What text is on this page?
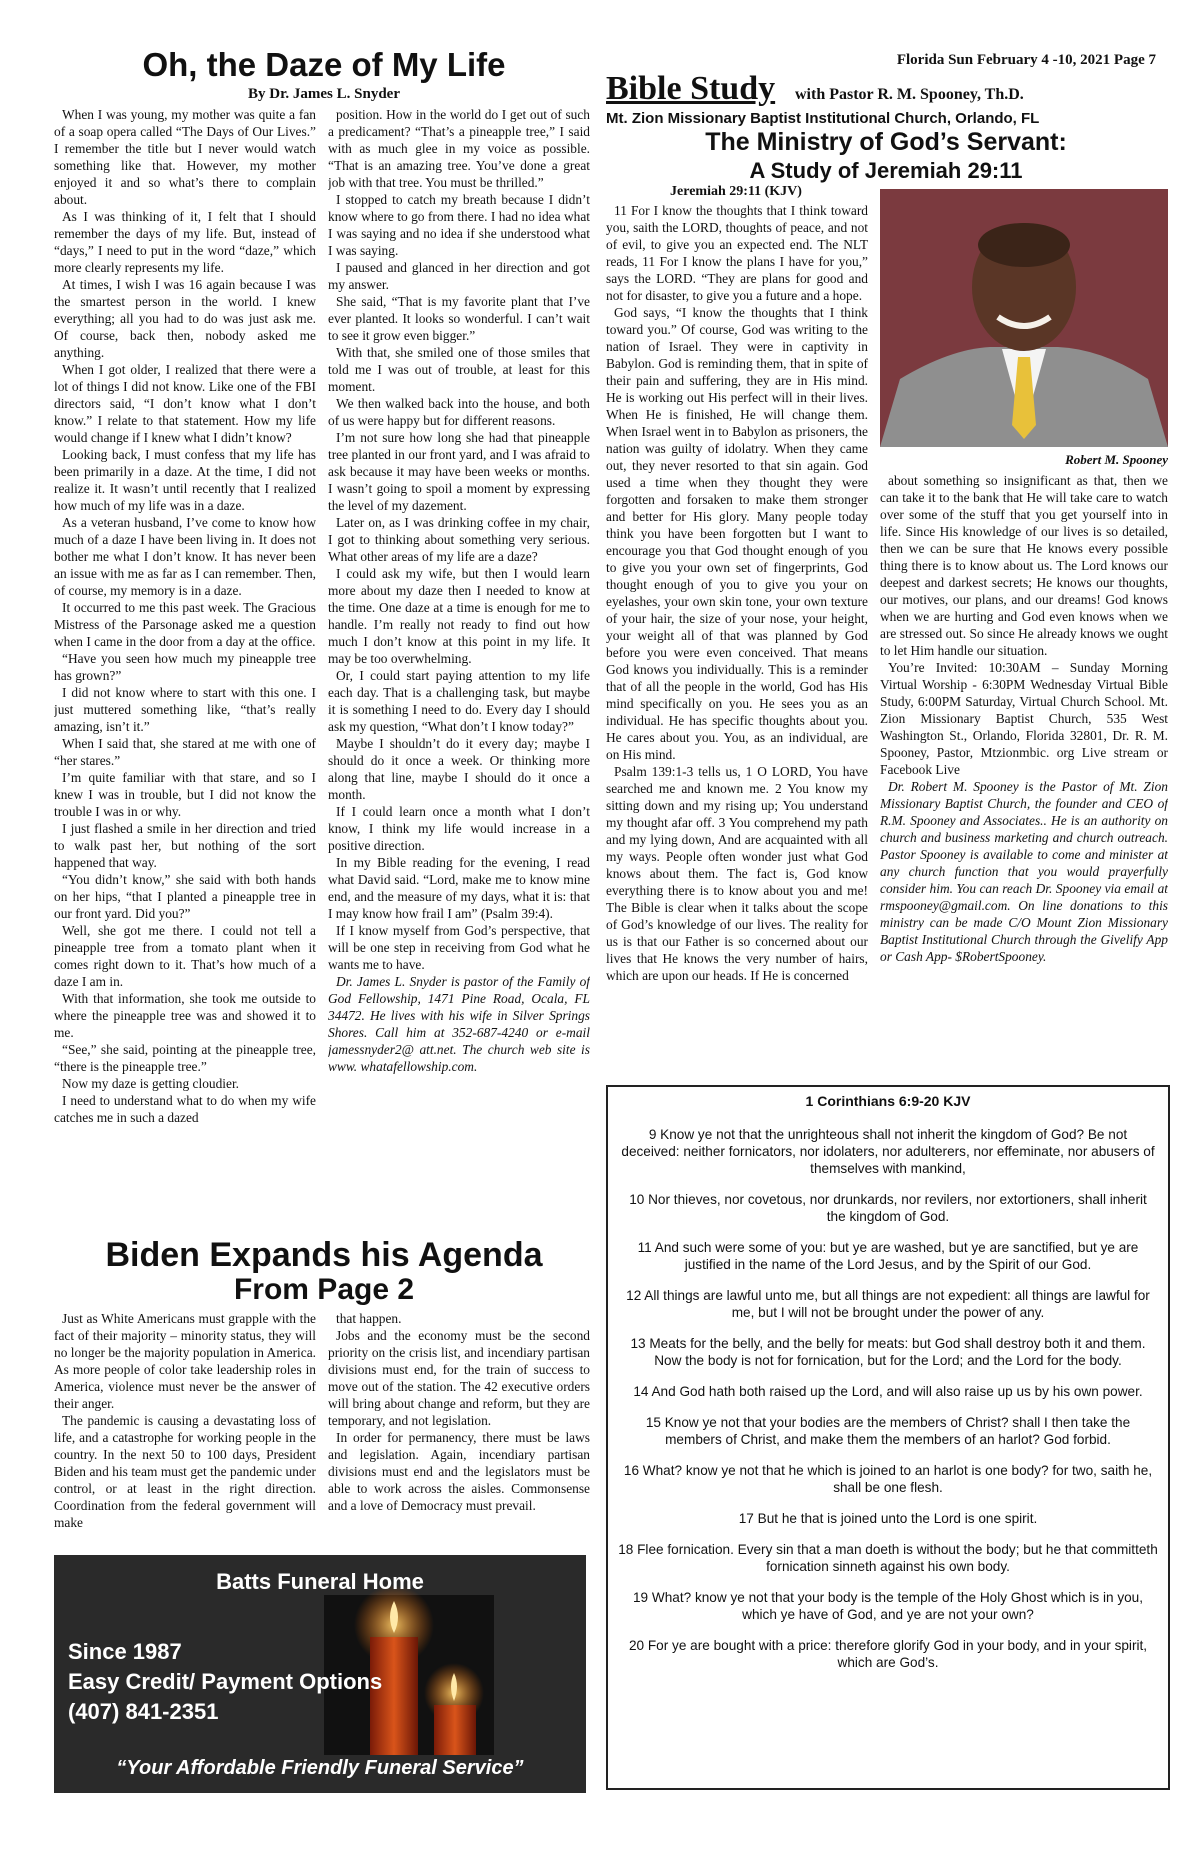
Oh, the Daze of My Life
By Dr. James L. Snyder

When I was young, my mother was quite a fan of a soap opera called “The Days of Our Lives.” I remember the title but I never would watch something like that. However, my mother enjoyed it and so what’s there to complain about.

As I was thinking of it, I felt that I should remember the days of my life. But, instead of “days,” I need to put in the word “daze,” which more clearly represents my life.

At times, I wish I was 16 again because I was the smartest person in the world. I knew everything; all you had to do was just ask me. Of course, back then, nobody asked me anything.

When I got older, I realized that there were a lot of things I did not know. Like one of the FBI directors said, “I don’t know what I don’t know.” I relate to that statement. How my life would change if I knew what I didn’t know?

Looking back, I must confess that my life has been primarily in a daze. At the time, I did not realize it. It wasn’t until recently that I realized how much of my life was in a daze.

As a veteran husband, I’ve come to know how much of a daze I have been living in. It does not bother me what I don’t know. It has never been an issue with me as far as I can remember. Then, of course, my memory is in a daze.

It occurred to me this past week. The Gracious Mistress of the Parsonage asked me a question when I came in the door from a day at the office.

“Have you seen how much my pineapple tree has grown?”

I did not know where to start with this one. I just muttered something like, “that’s really amazing, isn’t it.”

When I said that, she stared at me with one of “her stares.”

I’m quite familiar with that stare, and so I knew I was in trouble, but I did not know the trouble I was in or why.

I just flashed a smile in her direction and tried to walk past her, but nothing of the sort happened that way.

“You didn’t know,” she said with both hands on her hips, “that I planted a pineapple tree in our front yard. Did you?”

Well, she got me there. I could not tell a pineapple tree from a tomato plant when it comes right down to it. That’s how much of a daze I am in.

With that information, she took me outside to where the pineapple tree was and showed it to me.

“See,” she said, pointing at the pineapple tree, “there is the pineapple tree.”

Now my daze is getting cloudier.

I need to understand what to do when my wife catches me in such a dazed

position. How in the world do I get out of such a predicament? “That’s a pineapple tree,” I said with as much glee in my voice as possible. “That is an amazing tree. You’ve done a great job with that tree. You must be thrilled.”

I stopped to catch my breath because I didn’t know where to go from there. I had no idea what I was saying and no idea if she understood what I was saying.

I paused and glanced in her direction and got my answer.

She said, “That is my favorite plant that I’ve ever planted. It looks so wonderful. I can’t wait to see it grow even bigger.”

With that, she smiled one of those smiles that told me I was out of trouble, at least for this moment.

We then walked back into the house, and both of us were happy but for different reasons.

I’m not sure how long she had that pineapple tree planted in our front yard, and I was afraid to ask because it may have been weeks or months. I wasn’t going to spoil a moment by expressing the level of my dazement.

Later on, as I was drinking coffee in my chair, I got to thinking about something very serious. What other areas of my life are a daze?

I could ask my wife, but then I would learn more about my daze then I needed to know at the time. One daze at a time is enough for me to handle. I’m really not ready to find out how much I don’t know at this point in my life. It may be too overwhelming.

Or, I could start paying attention to my life each day. That is a challenging task, but maybe it is something I need to do. Every day I should ask my question, “What don’t I know today?”

Maybe I shouldn’t do it every day; maybe I should do it once a week. Or thinking more along that line, maybe I should do it once a month.

If I could learn once a month what I don’t know, I think my life would increase in a positive direction.

In my Bible reading for the evening, I read what David said. “Lord, make me to know mine end, and the measure of my days, what it is: that I may know how frail I am” (Psalm 39:4).

If I know myself from God’s perspective, that will be one step in receiving from God what he wants me to have.

Dr. James L. Snyder is pastor of the Family of God Fellowship, 1471 Pine Road, Ocala, FL 34472. He lives with his wife in Silver Springs Shores. Call him at 352-687-4240 or e-mail jamessnyder2@ att.net. The church web site is www. whatafellowship.com.

Biden Expands his Agenda
From Page 2

Just as White Americans must grapple with the fact of their majority – minority status, they will no longer be the majority population in America. As more people of color take leadership roles in America, violence must never be the answer of their anger.

The pandemic is causing a devastating loss of life, and a catastrophe for working people in the country. In the next 50 to 100 days, President Biden and his team must get the pandemic under control, or at least in the right direction. Coordination from the federal government will make

that happen.

Jobs and the economy must be the second priority on the crisis list, and incendiary partisan divisions must end, for the train of success to move out of the station. The 42 executive orders will bring about change and reform, but they are temporary, and not legislation.

In order for permanency, there must be laws and legislation. Again, incendiary partisan divisions must end and the legislators must be able to work across the aisles. Commonsense and a love of Democracy must prevail.

Batts Funeral Home
Since 1987
Easy Credit/ Payment Options
(407) 841-2351
“Your Affordable Friendly Funeral Service”
Florida Sun February 4 -10, 2021 Page 7
Bible Study with Pastor R. M. Spooney, Th.D.
Mt. Zion Missionary Baptist Institutional Church, Orlando, FL
The Ministry of God’s Servant:
A Study of Jeremiah 29:11
Jeremiah 29:11 (KJV)
Robert M. Spooney

11 For I know the thoughts that I think toward you, saith the LORD, thoughts of peace, and not of evil, to give you an expected end. The NLT reads, 11 For I know the plans I have for you,” says the LORD. “They are plans for good and not for disaster, to give you a future and a hope.

God says, “I know the thoughts that I think toward you.” Of course, God was writing to the nation of Israel. They were in captivity in Babylon. God is reminding them, that in spite of their pain and suffering, they are in His mind. He is working out His perfect will in their lives. When He is finished, He will change them. When Israel went in to Babylon as prisoners, the nation was guilty of idolatry. When they came out, they never resorted to that sin again. God used a time when they thought they were forgotten and forsaken to make them stronger and better for His glory. Many people today think you have been forgotten but I want to encourage you that God thought enough of you to give you your own set of fingerprints, God thought enough of you to give you your on eyelashes, your own skin tone, your own texture of your hair, the size of your nose, your height, your weight all of that was planned by God before you were even conceived. That means God knows you individually. This is a reminder that of all the people in the world, God has His mind specifically on you. He sees you as an individual. He has specific thoughts about you. He cares about you. You, as an individual, are on His mind.

Psalm 139:1-3 tells us, 1 O LORD, You have searched me and known me. 2 You know my sitting down and my rising up; You understand my thought afar off. 3 You comprehend my path and my lying down, And are acquainted with all my ways. People often wonder just what God knows about them. The fact is, God know everything there is to know about you and me! The Bible is clear when it talks about the scope of God’s knowledge of our lives. The reality for us is that our Father is so concerned about our lives that He knows the very number of hairs, which are upon our heads. If He is concerned

about something so insignificant as that, then we can take it to the bank that He will take care to watch over some of the stuff that you get yourself into in life. Since His knowledge of our lives is so detailed, then we can be sure that He knows every possible thing there is to know about us. The Lord knows our deepest and darkest secrets; He knows our thoughts, our motives, our plans, and our dreams! God knows when we are hurting and God even knows when we are stressed out. So since He already knows we ought to let Him handle our situation.

You’re Invited: 10:30AM – Sunday Morning Virtual Worship - 6:30PM Wednesday Virtual Bible Study, 6:00PM Saturday, Virtual Church School. Mt. Zion Missionary Baptist Church, 535 West Washington St., Orlando, Florida 32801, Dr. R. M. Spooney, Pastor, Mtzionmbic. org Live stream or Facebook Live

Dr. Robert M. Spooney is the Pastor of Mt. Zion Missionary Baptist Church, the founder and CEO of R.M. Spooney and Associates.. He is an authority on church and business marketing and church outreach. Pastor Spooney is available to come and minister at any church function that you would prayerfully consider him. You can reach Dr. Spooney via email at rmspooney@gmail.com. On line donations to this ministry can be made C/O Mount Zion Missionary Baptist Institutional Church through the Givelify App or Cash App- $RobertSpooney.

1 Corinthians 6:9-20 KJV

9 Know ye not that the unrighteous shall not inherit the kingdom of God? Be not deceived: neither fornicators, nor idolaters, nor adulterers, nor effeminate, nor abusers of themselves with mankind,

10 Nor thieves, nor covetous, nor drunkards, nor revilers, nor extortioners, shall inherit the kingdom of God.

11 And such were some of you: but ye are washed, but ye are sanctified, but ye are justified in the name of the Lord Jesus, and by the Spirit of our God.

12 All things are lawful unto me, but all things are not expedient: all things are lawful for me, but I will not be brought under the power of any.

13 Meats for the belly, and the belly for meats: but God shall destroy both it and them. Now the body is not for fornication, but for the Lord; and the Lord for the body.

14 And God hath both raised up the Lord, and will also raise up us by his own power.

15 Know ye not that your bodies are the members of Christ? shall I then take the members of Christ, and make them the members of an harlot? God forbid.

16 What? know ye not that he which is joined to an harlot is one body? for two, saith he, shall be one flesh.

17 But he that is joined unto the Lord is one spirit.

18 Flee fornication. Every sin that a man doeth is without the body; but he that committeth fornication sinneth against his own body.

19 What? know ye not that your body is the temple of the Holy Ghost which is in you, which ye have of God, and ye are not your own?

20 For ye are bought with a price: therefore glorify God in your body, and in your spirit, which are God’s.
